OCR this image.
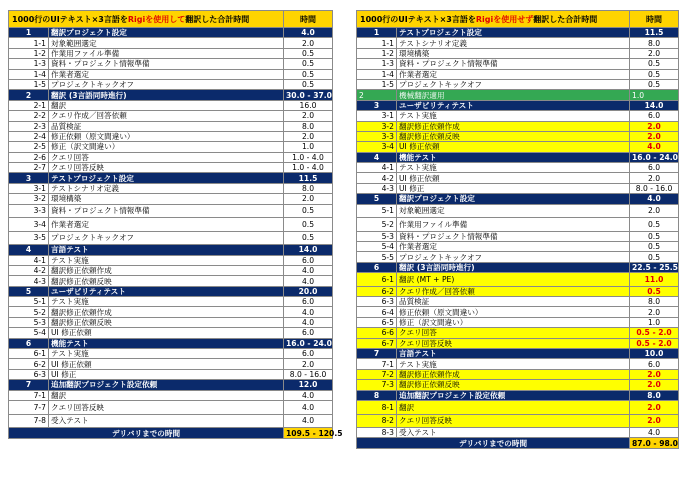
1000行のUIテキスト×3言語をRigiを使用して翻訳した合計時間		時間
1	翻訳プロジェクト設定	4.0
1-1	対象範囲選定	2.0
1-2	作業用ファイル準備	0.5
1-3	資料・プロジェクト情報準備	0.5
1-4	作業者選定	0.5
1-5	プロジェクトキックオフ	0.5
2	翻訳 (3言語同時進行)	30.0 - 37.0
2-1	翻訳	16.0
2-2	クエリ作成／回答依頼	2.0
2-3	品質検証	8.0
2-4	修正依頼（原文間違い）	2.0
2-5	修正（訳文間違い）	1.0
2-6	クエリ回答	1.0 - 4.0
2-7	クエリ回答反映	1.0 - 4.0
3	テストプロジェクト設定	11.5
3-1	テストシナリオ定義	8.0
3-2	環境構築	2.0
3-3	資料・プロジェクト情報準備	0.5
3-4	作業者選定	0.5
3-5	プロジェクトキックオフ	0.5
4	言語テスト	14.0
4-1	テスト実施	6.0
4-2	翻訳修正依頼作成	4.0
4-3	翻訳修正依頼反映	4.0
5	ユーザビリティテスト	20.0
5-1	テスト実施	6.0
5-2	翻訳修正依頼作成	4.0
5-3	翻訳修正依頼反映	4.0
5-4	UI 修正依頼	6.0
6	機能テスト	16.0 - 24.0
6-1	テスト実施	6.0
6-2	UI 修正依頼	2.0
6-3	UI 修正	8.0 - 16.0
7	追加翻訳プロジェクト設定依頼	12.0
7-1	翻訳	4.0
7-7	クエリ回答反映	4.0
7-8	受入テスト	4.0
デリバリまでの時間		109.5 - 120.5
1000行のUIテキスト×3言語をRigiを使用せず翻訳した合計時間		時間
1	テストプロジェクト設定	11.5
1-1	テストシナリオ定義	8.0
1-2	環境構築	2.0
1-3	資料・プロジェクト情報準備	0.5
1-4	作業者選定	0.5
1-5	プロジェクトキックオフ	0.5
2	機械翻訳適用	1.0
3	ユーザビリティテスト	14.0
3-1	テスト実施	6.0
3-2	翻訳修正依頼作成	2.0
3-3	翻訳修正依頼反映	2.0
3-4	UI 修正依頼	4.0
4	機能テスト	16.0 - 24.0
4-1	テスト実施	6.0
4-2	UI 修正依頼	2.0
4-3	UI 修正	8.0 - 16.0
5	翻訳プロジェクト設定	4.0
5-1	対象範囲選定	2.0
5-2	作業用ファイル準備	0.5
5-3	資料・プロジェクト情報準備	0.5
5-4	作業者選定	0.5
5-5	プロジェクトキックオフ	0.5
6	翻訳 (3言語同時進行)	22.5 - 25.5
6-1	翻訳 (MT + PE)	11.0
6-2	クエリ作成／回答依頼	0.5
6-3	品質検証	8.0
6-4	修正依頼（原文間違い）	2.0
6-5	修正（訳文間違い）	1.0
6-6	クエリ回答	0.5 - 2.0
6-7	クエリ回答反映	0.5 - 2.0
7	言語テスト	10.0
7-1	テスト実施	6.0
7-2	翻訳修正依頼作成	2.0
7-3	翻訳修正依頼反映	2.0
8	追加翻訳プロジェクト設定依頼	8.0
8-1	翻訳	2.0
8-2	クエリ回答反映	2.0
8-3	受入テスト	4.0
デリバリまでの時間		87.0 - 98.0
